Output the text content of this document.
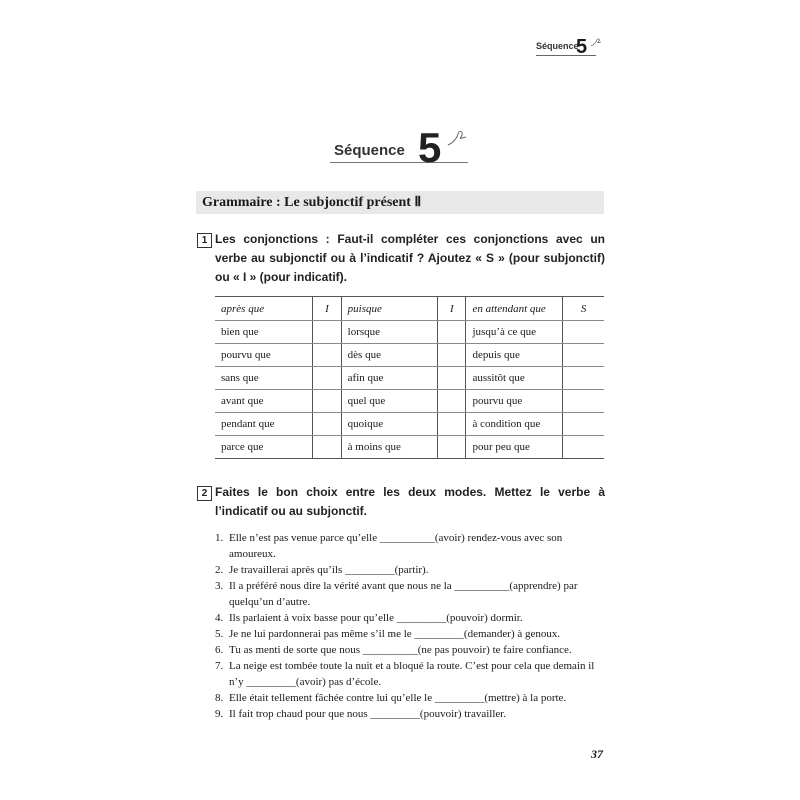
Séquence
5
Séquence 5
Grammaire : Le subjonctif présent Ⅱ
1 Les conjonctions : Faut-il compléter ces conjonctions avec un verbe au subjonctif ou à l’indicatif ? Ajoutez « S » (pour subjonctif) ou « I » (pour indicatif).
après que	I	puisque	I	en attendant que	S
bien que		lorsque		jusqu’à ce que	
pourvu que		dès que		depuis que	
sans que		afin que		aussitôt que	
avant que		quel que		pourvu que	
pendant que		quoique		à condition que	
parce que		à moins que		pour peu que	
2 Faites le bon choix entre les deux modes. Mettez le verbe à l’indicatif ou au subjonctif.
1. Elle n’est pas venue parce qu’elle __________(avoir) rendez-vous avec son amoureux.
2. Je travaillerai après qu’ils _________(partir).
3. Il a préféré nous dire la vérité avant que nous ne la __________(apprendre) par quelqu’un d’autre.
4. Ils parlaient à voix basse pour qu’elle _________(pouvoir) dormir.
5. Je ne lui pardonnerai pas même s’il me le _________(demander) à genoux.
6. Tu as menti de sorte que nous __________(ne pas pouvoir) te faire confiance.
7. La neige est tombée toute la nuit et a bloqué la route. C’est pour cela que demain il n’y _________(avoir) pas d’école.
8. Elle était tellement fâchée contre lui qu’elle le _________(mettre) à la porte.
9. Il fait trop chaud pour que nous _________(pouvoir) travailler.
37
